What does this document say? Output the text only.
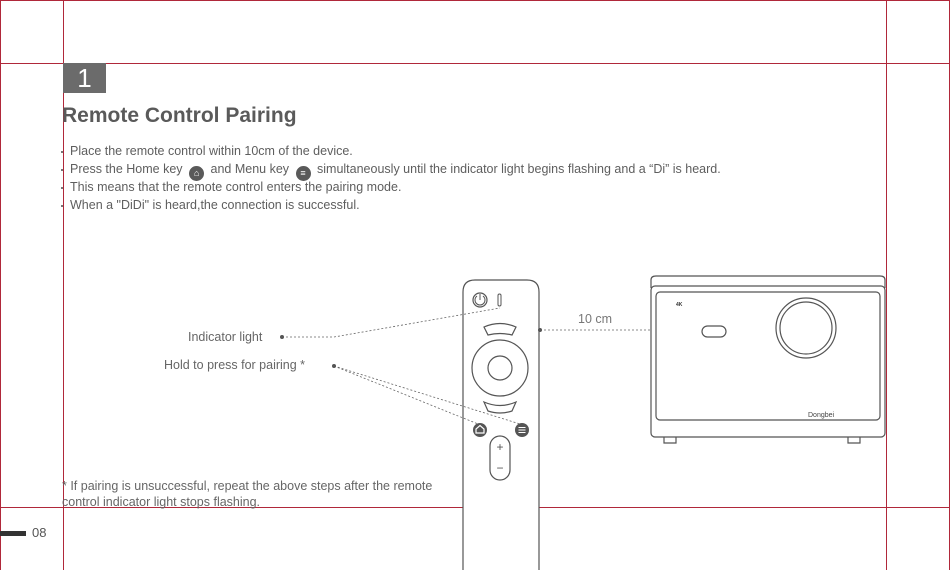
1
Remote Control Pairing
Place the remote control within 10cm of the device.
Press the Home key ⌂ and Menu key ≡ simultaneously until the indicator light begins flashing and a “Di” is heard.
This means that the remote control enters the pairing mode.
When a "DiDi" is heard,the connection is successful.
+
−
4K
Dongbei
Indicator light
Hold to press for pairing *
10 cm
* If pairing is unsuccessful, repeat the above steps after the remote control indicator light stops flashing.
08
